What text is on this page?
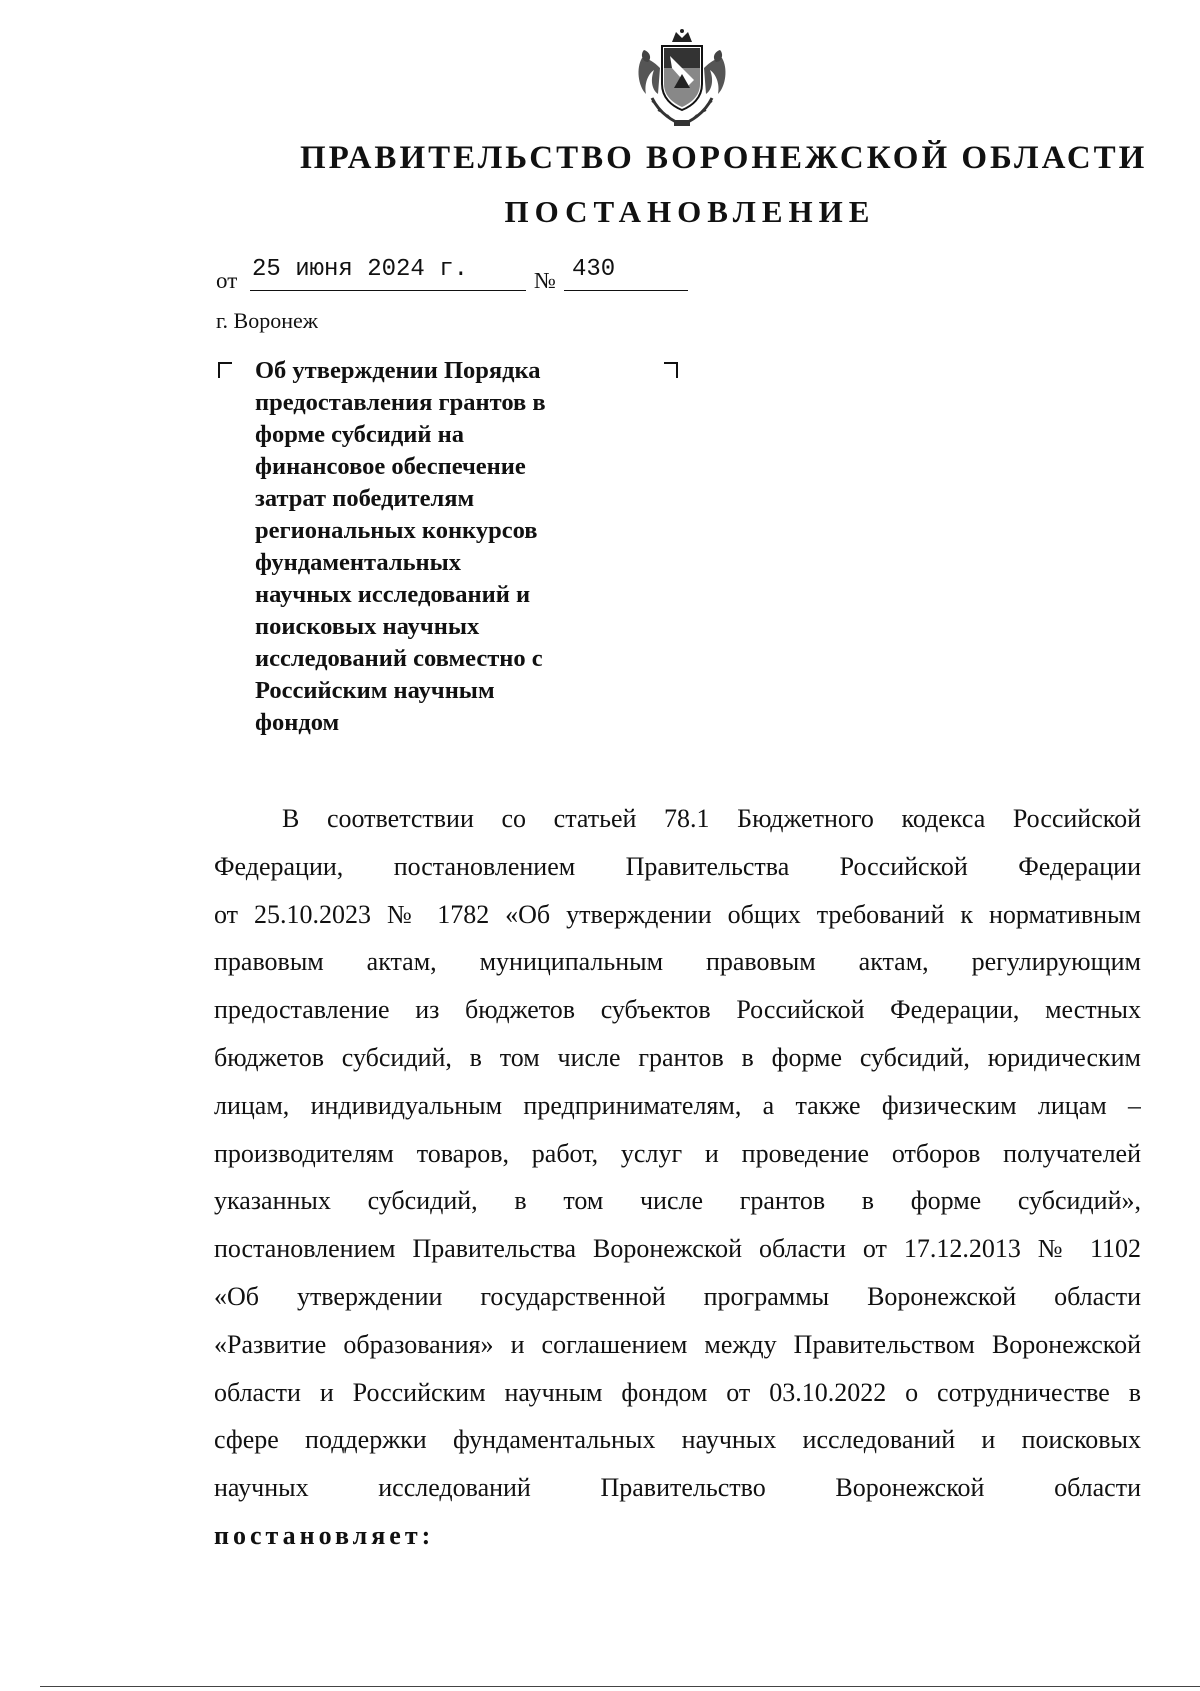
ПРАВИТЕЛЬСТВО ВОРОНЕЖСКОЙ ОБЛАСТИ
ПОСТАНОВЛЕНИЕ
от 25 июня 2024 г.	№ 430
г. Воронеж
Об утверждении Порядка
предоставления грантов в
форме субсидий на
финансовое обеспечение
затрат победителям
региональных конкурсов
фундаментальных
научных исследований и
поисковых научных
исследований совместно с
Российским научным
фондом
В соответствии со статьей 78.1 Бюджетного кодекса Российской
Федерации, постановлением Правительства Российской Федерации
от 25.10.2023 № 1782 «Об утверждении общих требований к нормативным
правовым актам, муниципальным правовым актам, регулирующим
предоставление из бюджетов субъектов Российской Федерации, местных
бюджетов субсидий, в том числе грантов в форме субсидий, юридическим
лицам, индивидуальным предпринимателям, а также физическим лицам –
производителям товаров, работ, услуг и проведение отборов получателей
указанных субсидий, в том числе грантов в форме субсидий»,
постановлением Правительства Воронежской области от 17.12.2013 № 1102
«Об утверждении государственной программы Воронежской области
«Развитие образования» и соглашением между Правительством Воронежской
области и Российским научным фондом от 03.10.2022 о сотрудничестве в
сфере поддержки фундаментальных научных исследований и поисковых
научных исследований Правительство Воронежской области
постановляет:
